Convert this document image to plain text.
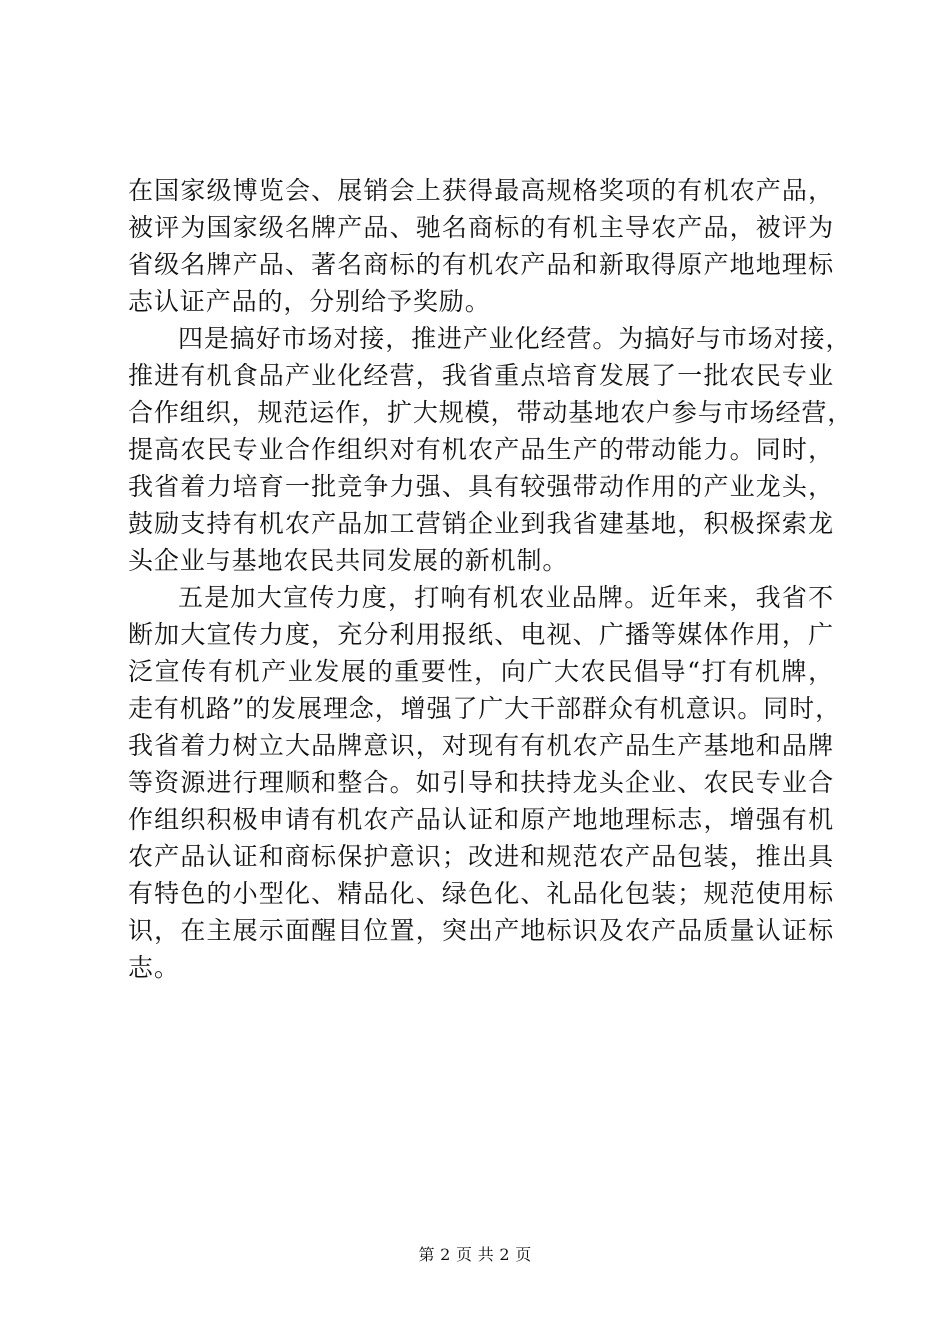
在国家级博览会、展销会上获得最高规格奖项的有机农产品，
被评为国家级名牌产品、驰名商标的有机主导农产品，被评为
省级名牌产品、著名商标的有机农产品和新取得原产地地理标
志认证产品的，分别给予奖励。
四是搞好市场对接，推进产业化经营。为搞好与市场对接，
推进有机食品产业化经营，我省重点培育发展了一批农民专业
合作组织，规范运作，扩大规模，带动基地农户参与市场经营，
提高农民专业合作组织对有机农产品生产的带动能力。同时，
我省着力培育一批竞争力强、具有较强带动作用的产业龙头，
鼓励支持有机农产品加工营销企业到我省建基地，积极探索龙
头企业与基地农民共同发展的新机制。
五是加大宣传力度，打响有机农业品牌。近年来，我省不
断加大宣传力度，充分利用报纸、电视、广播等媒体作用，广
泛宣传有机产业发展的重要性，向广大农民倡导“打有机牌，
走有机路”的发展理念，增强了广大干部群众有机意识。同时，
我省着力树立大品牌意识，对现有有机农产品生产基地和品牌
等资源进行理顺和整合。如引导和扶持龙头企业、农民专业合
作组织积极申请有机农产品认证和原产地地理标志，增强有机
农产品认证和商标保护意识；改进和规范农产品包装，推出具
有特色的小型化、精品化、绿色化、礼品化包装；规范使用标
识，在主展示面醒目位置，突出产地标识及农产品质量认证标
志。
第 2 页 共 2 页
